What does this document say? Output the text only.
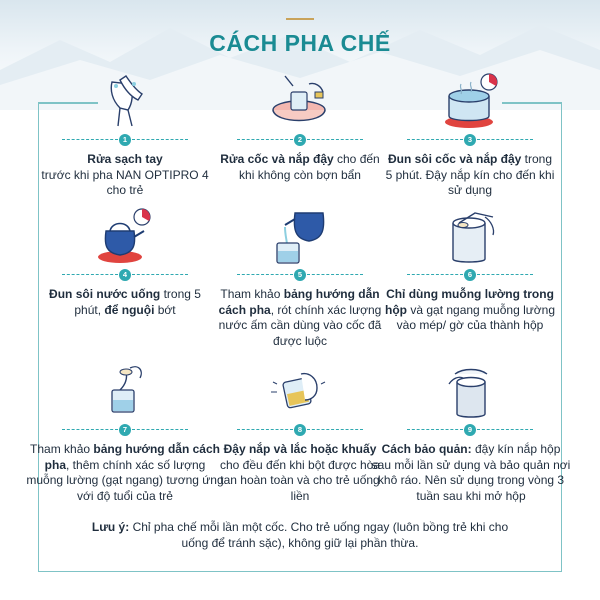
CÁCH PHA CHẾ
1
Rửa sạch tay
trước khi pha NAN OPTIPRO 4 cho trẻ
2
Rửa cốc và nắp đậy cho đến khi không còn bợn bẩn
3
Đun sôi cốc và nắp đậy trong 5 phút. Đậy nắp kín cho đến khi sử dụng
4
Đun sôi nước uống trong 5 phút, để nguội bớt
5
Tham khảo bảng hướng dẫn cách pha, rót chính xác lượng nước ấm cần dùng vào cốc đã được luộc
6
Chỉ dùng muỗng lường trong hộp và gạt ngang muỗng lường vào mép/ gờ của thành hộp
7
Tham khảo bảng hướng dẫn cách pha, thêm chính xác số lượng muỗng lường (gạt ngang) tương ứng với độ tuổi của trẻ
8
Đậy nắp và lắc hoặc khuấy cho đều đến khi bột được hòa tan hoàn toàn và cho trẻ uống liền
9
Cách bảo quản: đậy kín nắp hộp sau mỗi lần sử dụng và bảo quản nơi khô ráo. Nên sử dụng trong vòng 3 tuần sau khi mở hộp
Lưu ý: Chỉ pha chế mỗi lần một cốc. Cho trẻ uống ngay (luôn bồng trẻ khi cho uống để tránh sặc), không giữ lại phần thừa.
